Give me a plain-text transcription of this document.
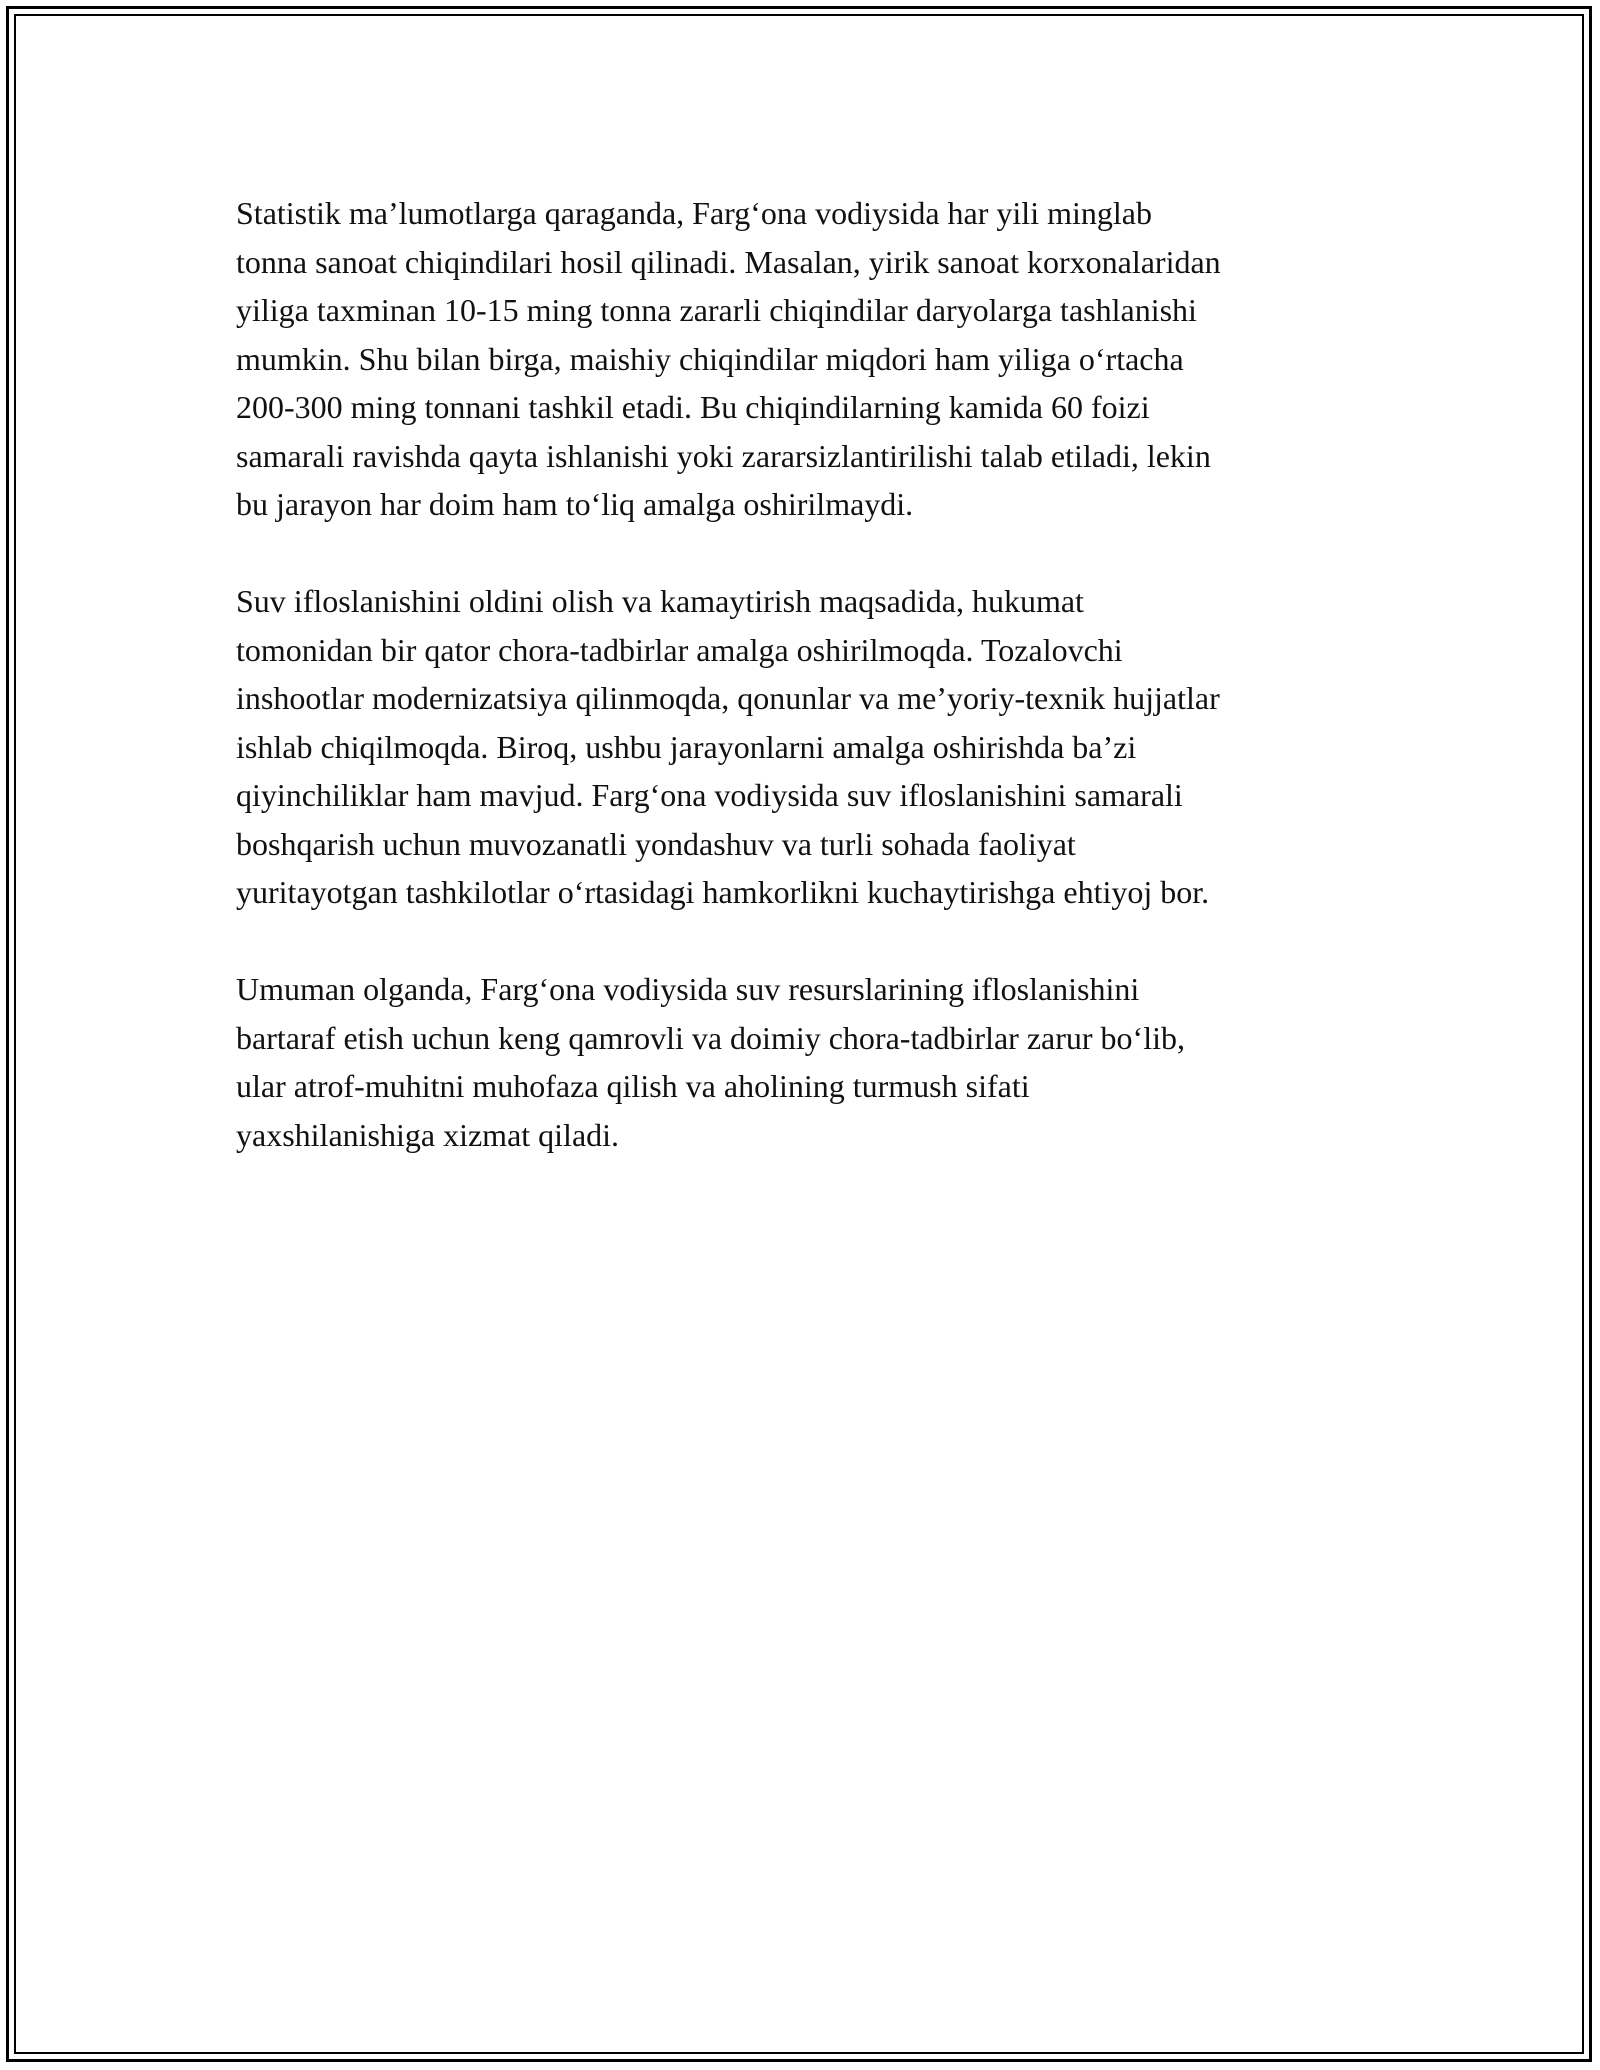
Statistik ma’lumotlarga qaraganda, Farg‘ona vodiysida har yili minglab
tonna sanoat chiqindilari hosil qilinadi. Masalan, yirik sanoat korxonalaridan
yiliga taxminan 10-15 ming tonna zararli chiqindilar daryolarga tashlanishi
mumkin. Shu bilan birga, maishiy chiqindilar miqdori ham yiliga o‘rtacha
200-300 ming tonnani tashkil etadi. Bu chiqindilarning kamida 60 foizi
samarali ravishda qayta ishlanishi yoki zararsizlantirilishi talab etiladi, lekin
bu jarayon har doim ham to‘liq amalga oshirilmaydi.

Suv ifloslanishini oldini olish va kamaytirish maqsadida, hukumat
tomonidan bir qator chora-tadbirlar amalga oshirilmoqda. Tozalovchi
inshootlar modernizatsiya qilinmoqda, qonunlar va me’yoriy-texnik hujjatlar
ishlab chiqilmoqda. Biroq, ushbu jarayonlarni amalga oshirishda ba’zi
qiyinchiliklar ham mavjud. Farg‘ona vodiysida suv ifloslanishini samarali
boshqarish uchun muvozanatli yondashuv va turli sohada faoliyat
yuritayotgan tashkilotlar o‘rtasidagi hamkorlikni kuchaytirishga ehtiyoj bor.

Umuman olganda, Farg‘ona vodiysida suv resurslarining ifloslanishini
bartaraf etish uchun keng qamrovli va doimiy chora-tadbirlar zarur bo‘lib,
ular atrof-muhitni muhofaza qilish va aholining turmush sifati
yaxshilanishiga xizmat qiladi.
